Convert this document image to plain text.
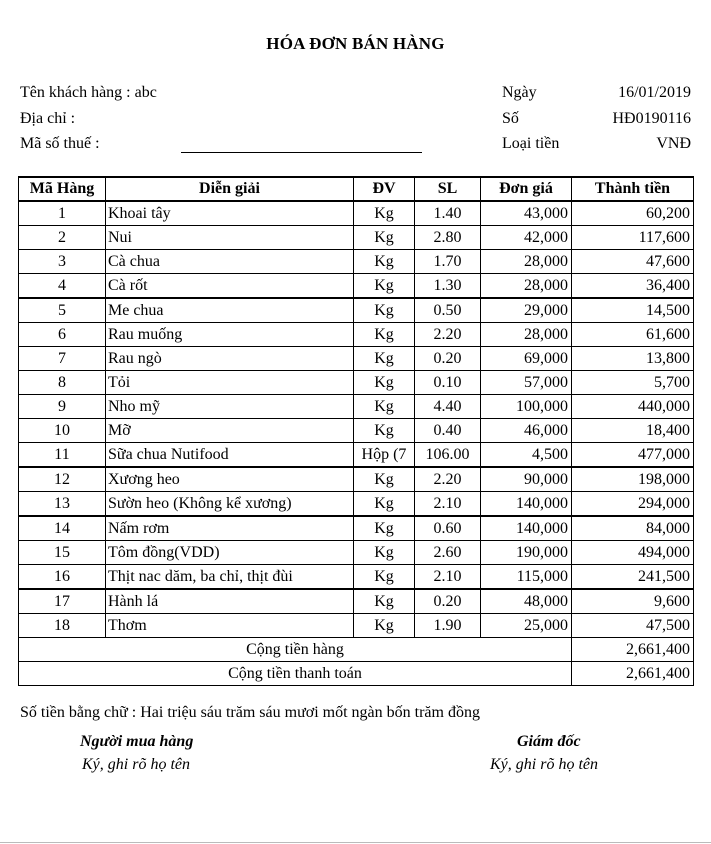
HÓA ĐƠN BÁN HÀNG
Tên khách hàng : abc
Địa chỉ :
Mã số thuế :
Ngày	16/01/2019
Số	HĐ0190116
Loại tiền	VNĐ
Mã Hàng	Diễn giải	ĐV	SL	Đơn giá	Thành tiền
1	Khoai tây	Kg	1.40	43,000	60,200
2	Nui	Kg	2.80	42,000	117,600
3	Cà chua	Kg	1.70	28,000	47,600
4	Cà rốt	Kg	1.30	28,000	36,400
5	Me chua	Kg	0.50	29,000	14,500
6	Rau muống	Kg	2.20	28,000	61,600
7	Rau ngò	Kg	0.20	69,000	13,800
8	Tỏi	Kg	0.10	57,000	5,700
9	Nho mỹ	Kg	4.40	100,000	440,000
10	Mỡ	Kg	0.40	46,000	18,400
11	Sữa chua Nutifood	Hộp (7	106.00	4,500	477,000
12	Xương heo	Kg	2.20	90,000	198,000
13	Sườn heo (Không kể xương)	Kg	2.10	140,000	294,000
14	Nấm rơm	Kg	0.60	140,000	84,000
15	Tôm đồng(VDD)	Kg	2.60	190,000	494,000
16	Thịt nac dăm, ba chỉ, thịt đùi	Kg	2.10	115,000	241,500
17	Hành lá	Kg	0.20	48,000	9,600
18	Thơm	Kg	1.90	25,000	47,500
Cộng tiền hàng					2,661,400
Cộng tiền thanh toán					2,661,400
Số tiền bằng chữ : Hai triệu sáu trăm sáu mươi mốt ngàn bốn trăm đồng
Người mua hàng
Ký, ghi rõ họ tên
Giám đốc
Ký, ghi rõ họ tên
